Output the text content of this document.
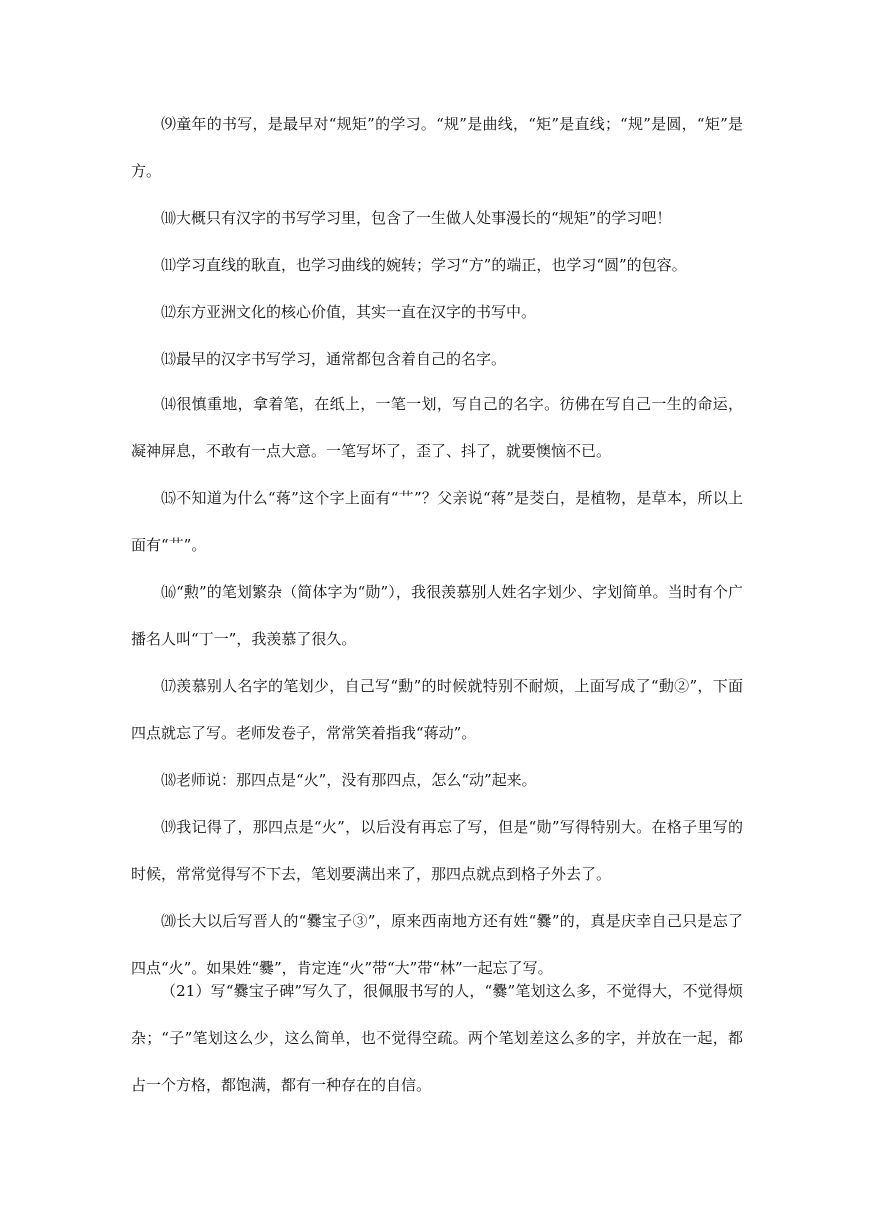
⑼童年的书写，是最早对“规矩”的学习。“规”是曲线，“矩”是直线；“规”是圆，“矩”是方。

⑽大概只有汉字的书写学习里，包含了一生做人处事漫长的“规矩”的学习吧！

⑾学习直线的耿直，也学习曲线的婉转；学习“方”的端正，也学习“圆”的包容。

⑿东方亚洲文化的核心价值，其实一直在汉字的书写中。

⒀最早的汉字书写学习，通常都包含着自己的名字。

⒁很慎重地，拿着笔，在纸上，一笔一划，写自己的名字。彷佛在写自己一生的命运，凝神屏息，不敢有一点大意。一笔写坏了，歪了、抖了，就要懊恼不已。

⒂不知道为什么“蒋”这个字上面有“艹”？父亲说“蒋”是茭白，是植物，是草本，所以上面有“艹”。

⒃“勲”的笔划繁杂（简体字为“勋”），我很羡慕别人姓名字划少、字划简单。当时有个广播名人叫“丁一”，我羡慕了很久。

⒄羡慕别人名字的笔划少，自己写“勳”的时候就特别不耐烦，上面写成了“動②”，下面四点就忘了写。老师发卷子，常常笑着指我“蒋动”。

⒅老师说：那四点是“火”，没有那四点，怎么“动”起来。

⒆我记得了，那四点是“火”，以后没有再忘了写，但是“勋”写得特别大。在格子里写的时候，常常觉得写不下去，笔划要满出来了，那四点就点到格子外去了。

⒇长大以后写晋人的“爨宝子③”，原来西南地方还有姓“爨”的，真是庆幸自己只是忘了四点“火”。如果姓“爨”，肯定连“火”带“大”带“林”一起忘了写。

（21）写“爨宝子碑”写久了，很佩服书写的人，“爨”笔划这么多，不觉得大，不觉得烦杂；“子”笔划这么少，这么简单，也不觉得空疏。两个笔划差这么多的字，并放在一起，都占一个方格，都饱满，都有一种存在的自信。
